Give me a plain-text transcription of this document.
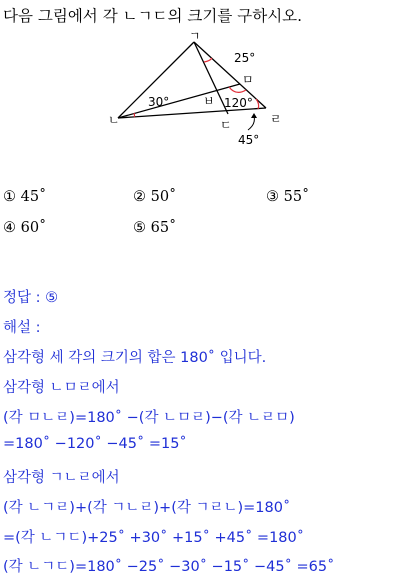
다음 그림에서 각 ㄴㄱㄷ의 크기를 구하시오.
ㄱ
ㄴ	ㄷ	ㄹ
ㅁ
ㅂ
25°
30°	120°
45°
① 45˚	② 50˚	③ 55˚
④ 60˚	⑤ 65˚
정답 : ⑤
해설 :
삼각형 세 각의 크기의 합은 180˚ 입니다.
삼각형 ㄴㅁㄹ에서
(각 ㅁㄴㄹ)=180˚ −(각 ㄴㅁㄹ)−(각 ㄴㄹㅁ)
=180˚ −120˚ −45˚ =15˚
삼각형 ㄱㄴㄹ에서
(각 ㄴㄱㄹ)+(각 ㄱㄴㄹ)+(각 ㄱㄹㄴ)=180˚
=(각 ㄴㄱㄷ)+25˚ +30˚ +15˚ +45˚ =180˚
(각 ㄴㄱㄷ)=180˚ −25˚ −30˚ −15˚ −45˚ =65˚
